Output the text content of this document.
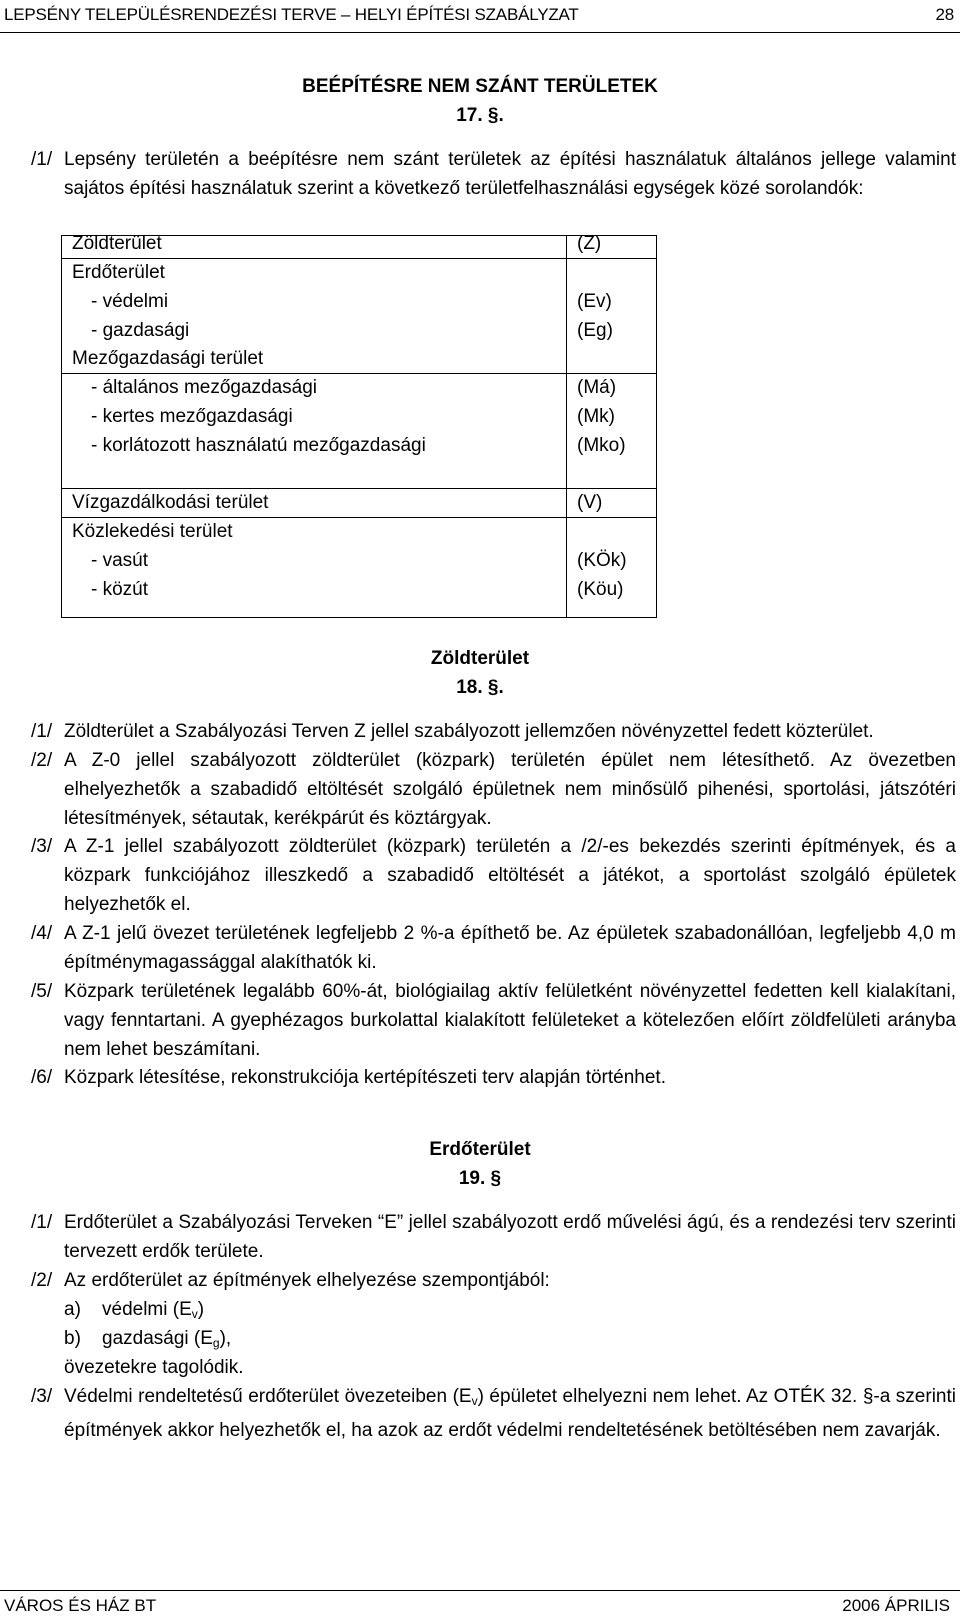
LEPSÉNY TELEPÜLÉSRENDEZÉSI TERVE – HELYI ÉPÍTÉSI SZABÁLYZAT	28
BEÉPÍTÉSRE NEM SZÁNT TERÜLETEK
17. §.
/1/ Lepsény területén a beépítésre nem szánt területek az építési használatuk általános jellege valamint sajátos építési használatuk szerint a következő területfelhasználási egységek közé sorolandók:
Zöldterület	(Z)
Erdőterület
- védelmi	(Ev)
- gazdasági	(Eg)
Mezőgazdasági terület
- általános mezőgazdasági	(Má)
- kertes mezőgazdasági	(Mk)
- korlátozott használatú mezőgazdasági	(Mko)
Vízgazdálkodási terület	(V)
Közlekedési terület
- vasút	(KÖk)
- közút	(Köu)
Zöldterület
18. §.
/1/ Zöldterület a Szabályozási Terven Z jellel szabályozott jellemzően növényzettel fedett közterület.
/2/ A Z-0 jellel szabályozott zöldterület (közpark) területén épület nem létesíthető. Az övezetben elhelyezhetők a szabadidő eltöltését szolgáló épületnek nem minősülő pihenési, sportolási, játszótéri létesítmények, sétautak, kerékpárút és köztárgyak.
/3/ A Z-1 jellel szabályozott zöldterület (közpark) területén a /2/-es bekezdés szerinti építmények, és a közpark funkciójához illeszkedő a szabadidő eltöltését a játékot, a sportolást szolgáló épületek helyezhetők el.
/4/ A Z-1 jelű övezet területének legfeljebb 2 %-a építhető be. Az épületek szabadonállóan, legfeljebb 4,0 m építménymagassággal alakíthatók ki.
/5/ Közpark területének legalább 60%-át, biológiailag aktív felületként növényzettel fedetten kell kialakítani, vagy fenntartani. A gyephézagos burkolattal kialakított felületeket a kötelezően előírt zöldfelületi arányba nem lehet beszámítani.
/6/ Közpark létesítése, rekonstrukciója kertépítészeti terv alapján történhet.
Erdőterület
19. §
/1/ Erdőterület a Szabályozási Terveken “E” jellel szabályozott erdő művelési ágú, és a rendezési terv szerinti tervezett erdők területe.
/2/ Az erdőterület az építmények elhelyezése szempontjából:
a) védelmi $(E_v)$
b) gazdasági $(E_g)$,
övezetekre tagolódik.
/3/ Védelmi rendeltetésű erdőterület övezeteiben $(E_v)$ épületet elhelyezni nem lehet. Az OTÉK 32. §-a szerinti építmények akkor helyezhetők el, ha azok az erdőt védelmi rendeltetésének betöltésében nem zavarják.
VÁROS ÉS HÁZ BT	2006 ÁPRILIS
